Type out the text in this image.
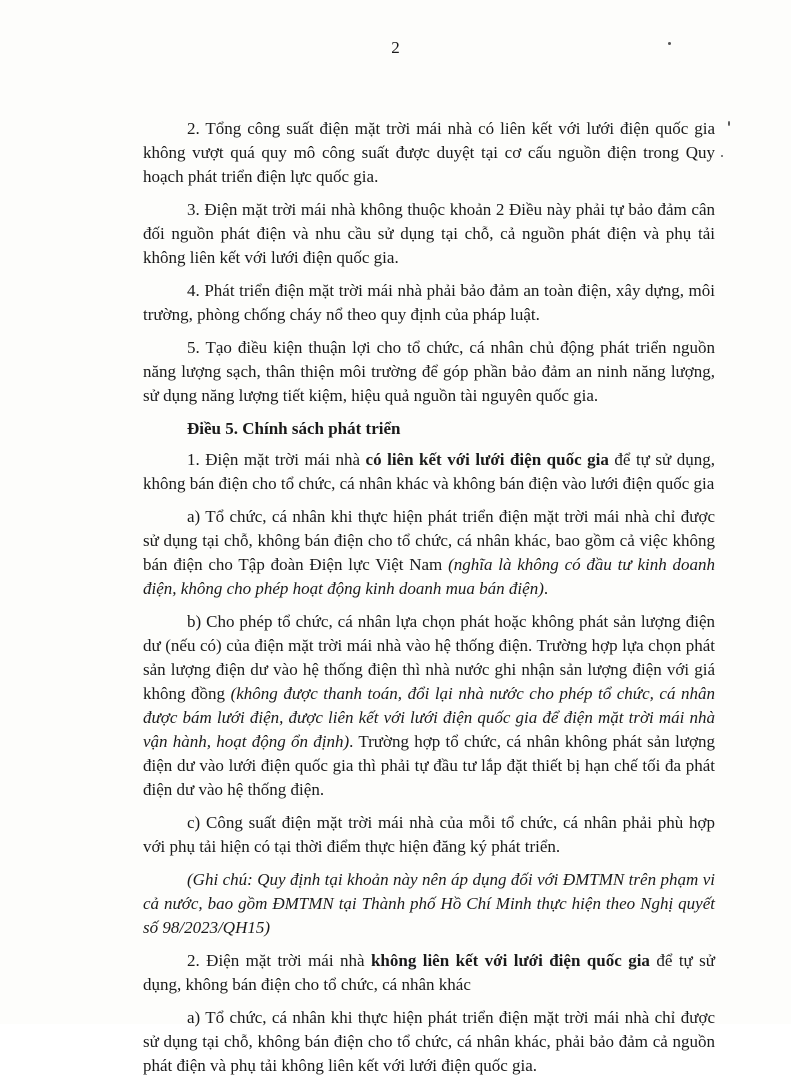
2

2. Tổng công suất điện mặt trời mái nhà có liên kết với lưới điện quốc gia không vượt quá quy mô công suất được duyệt tại cơ cấu nguồn điện trong Quy hoạch phát triển điện lực quốc gia.

3. Điện mặt trời mái nhà không thuộc khoản 2 Điều này phải tự bảo đảm cân đối nguồn phát điện và nhu cầu sử dụng tại chỗ, cả nguồn phát điện và phụ tải không liên kết với lưới điện quốc gia.

4. Phát triển điện mặt trời mái nhà phải bảo đảm an toàn điện, xây dựng, môi trường, phòng chống cháy nổ theo quy định của pháp luật.

5. Tạo điều kiện thuận lợi cho tổ chức, cá nhân chủ động phát triển nguồn năng lượng sạch, thân thiện môi trường để góp phần bảo đảm an ninh năng lượng, sử dụng năng lượng tiết kiệm, hiệu quả nguồn tài nguyên quốc gia.

Điều 5. Chính sách phát triển

1. Điện mặt trời mái nhà có liên kết với lưới điện quốc gia để tự sử dụng, không bán điện cho tổ chức, cá nhân khác và không bán điện vào lưới điện quốc gia

a) Tổ chức, cá nhân khi thực hiện phát triển điện mặt trời mái nhà chỉ được sử dụng tại chỗ, không bán điện cho tổ chức, cá nhân khác, bao gồm cả việc không bán điện cho Tập đoàn Điện lực Việt Nam (nghĩa là không có đầu tư kinh doanh điện, không cho phép hoạt động kinh doanh mua bán điện).

b) Cho phép tổ chức, cá nhân lựa chọn phát hoặc không phát sản lượng điện dư (nếu có) của điện mặt trời mái nhà vào hệ thống điện. Trường hợp lựa chọn phát sản lượng điện dư vào hệ thống điện thì nhà nước ghi nhận sản lượng điện với giá không đồng (không được thanh toán, đổi lại nhà nước cho phép tổ chức, cá nhân được bám lưới điện, được liên kết với lưới điện quốc gia để điện mặt trời mái nhà vận hành, hoạt động ổn định). Trường hợp tổ chức, cá nhân không phát sản lượng điện dư vào lưới điện quốc gia thì phải tự đầu tư lắp đặt thiết bị hạn chế tối đa phát điện dư vào hệ thống điện.

c) Công suất điện mặt trời mái nhà của mỗi tổ chức, cá nhân phải phù hợp với phụ tải hiện có tại thời điểm thực hiện đăng ký phát triển.

(Ghi chú: Quy định tại khoản này nên áp dụng đối với ĐMTMN trên phạm vi cả nước, bao gồm ĐMTMN tại Thành phố Hồ Chí Minh thực hiện theo Nghị quyết số 98/2023/QH15)

2. Điện mặt trời mái nhà không liên kết với lưới điện quốc gia để tự sử dụng, không bán điện cho tổ chức, cá nhân khác

a) Tổ chức, cá nhân khi thực hiện phát triển điện mặt trời mái nhà chỉ được sử dụng tại chỗ, không bán điện cho tổ chức, cá nhân khác, phải bảo đảm cả nguồn phát điện và phụ tải không liên kết với lưới điện quốc gia.
